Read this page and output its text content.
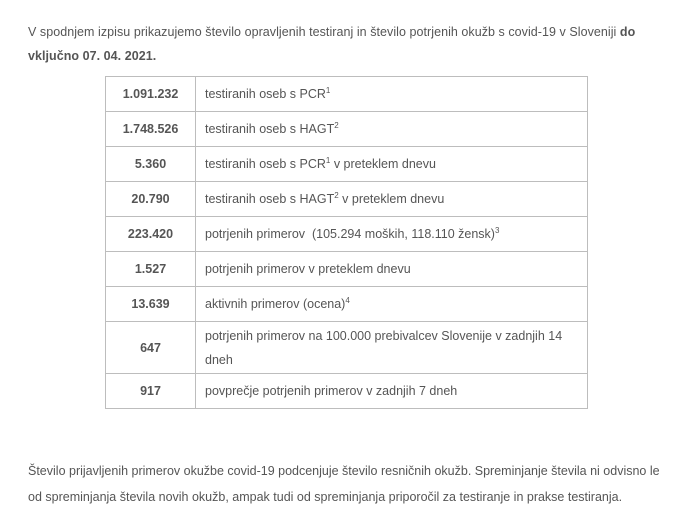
V spodnjem izpisu prikazujemo število opravljenih testiranj in število potrjenih okužb s covid-19 v Sloveniji do vključno 07. 04. 2021.

1.091.232	testiranih oseb s PCR$^1$
1.748.526	testiranih oseb s HAGT$^2$
5.360	testiranih oseb s PCR$^1$ v preteklem dnevu
20.790	testiranih oseb s HAGT$^2$ v preteklem dnevu
223.420	potrjenih primerov  (105.294 moških, 118.110 žensk)$^3$
1.527	potrjenih primerov v preteklem dnevu
13.639	aktivnih primerov (ocena)$^4$
647	potrjenih primerov na 100.000 prebivalcev Slovenije v zadnjih 14 dneh
917	povprečje potrjenih primerov v zadnjih 7 dneh

Število prijavljenih primerov okužbe covid-19 podcenjuje število resničnih okužb. Spreminjanje števila ni odvisno le od spreminjanja števila novih okužb, ampak tudi od spreminjanja priporočil za testiranje in prakse testiranja.
